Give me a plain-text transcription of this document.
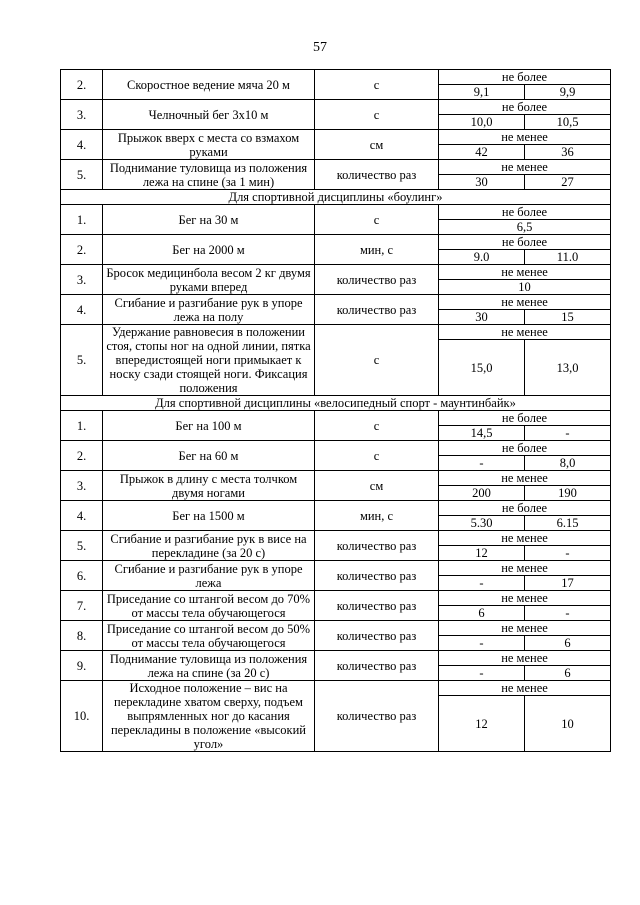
57
2.	Скоростное ведение мяча 20 м	с	не более	
			9,1	9,9
3.	Челночный бег 3х10 м	с	не более	
			10,0	10,5
4.	Прыжок вверх с места со взмахом руками	см	не менее	
			42	36
5.	Поднимание туловища из положения лежа на спине (за 1 мин)	количество раз	не менее	
			30	27
Для спортивной дисциплины «боулинг»				
1.	Бег на 30 м	с	не более	
			6,5	
2.	Бег на 2000 м	мин, с	не более	
			9.0	11.0
3.	Бросок медицинбола весом 2 кг двумя руками вперед	количество раз	не менее	
			10	
4.	Сгибание и разгибание рук в упоре лежа на полу	количество раз	не менее	
			30	15
5.	Удержание равновесия в положении стоя, стопы ног на одной линии, пятка впередистоящей ноги примыкает к носку сзади стоящей ноги. Фиксация положения	с	не менее	
			15,0	13,0
Для спортивной дисциплины «велосипедный спорт - маунтинбайк»				
1.	Бег на 100 м	с	не более	
			14,5	-
2.	Бег на 60 м	с	не более	
			-	8,0
3.	Прыжок в длину с места толчком двумя ногами	см	не менее	
			200	190
4.	Бег на 1500 м	мин, с	не более	
			5.30	6.15
5.	Сгибание и разгибание рук в висе на перекладине (за 20 с)	количество раз	не менее	
			12	-
6.	Сгибание и разгибание рук в упоре лежа	количество раз	не менее	
			-	17
7.	Приседание со штангой весом до 70% от массы тела обучающегося	количество раз	не менее	
			6	-
8.	Приседание со штангой весом до 50% от массы тела обучающегося	количество раз	не менее	
			-	6
9.	Поднимание туловища из положения лежа на спине (за 20 с)	количество раз	не менее	
			-	6
10.	Исходное положение – вис на перекладине хватом сверху, подъем выпрямленных ног до касания перекладины в положение «высокий угол»	количество раз	не менее	
			12	10
